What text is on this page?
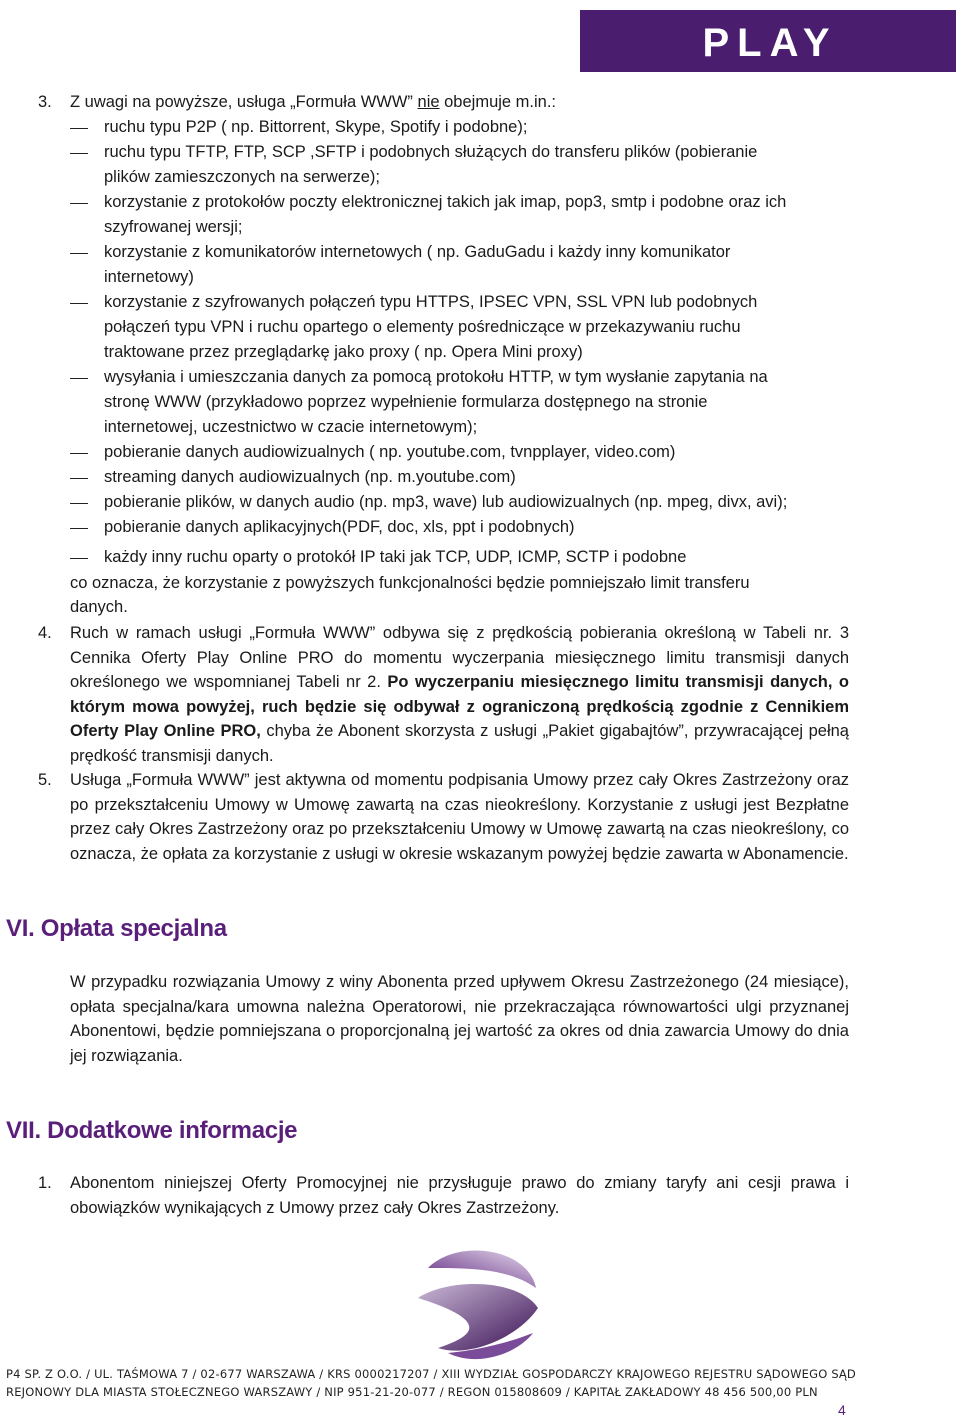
PLAY
3. Z uwagi na powyższe, usługa „Formuła WWW” nie obejmuje m.in.:
ruchu typu P2P ( np. Bittorrent, Skype, Spotify i podobne);
ruchu typu TFTP, FTP, SCP ,SFTP i podobnych służących do transferu plików (pobieranie
plików zamieszczonych na serwerze);
korzystanie z protokołów poczty elektronicznej takich jak imap, pop3, smtp i podobne oraz ich
szyfrowanej wersji;
korzystanie z komunikatorów internetowych ( np. GaduGadu i każdy inny komunikator
internetowy)
korzystanie z szyfrowanych połączeń typu HTTPS, IPSEC VPN, SSL VPN lub podobnych
połączeń typu VPN i ruchu opartego o elementy pośredniczące w przekazywaniu ruchu
traktowane przez przeglądarkę jako proxy ( np. Opera Mini proxy)
wysyłania i umieszczania danych za pomocą protokołu HTTP, w tym wysłanie zapytania na
stronę WWW (przykładowo poprzez wypełnienie formularza dostępnego na stronie
internetowej, uczestnictwo w czacie internetowym);
pobieranie danych audiowizualnych ( np. youtube.com, tvnpplayer, video.com)
streaming danych audiowizualnych (np. m.youtube.com)
pobieranie plików, w danych audio (np. mp3, wave) lub audiowizualnych (np. mpeg, divx, avi);
pobieranie danych aplikacyjnych(PDF, doc, xls, ppt i podobnych)
każdy inny ruchu oparty o protokół IP taki jak TCP, UDP, ICMP, SCTP i podobne
co oznacza, że korzystanie z powyższych funkcjonalności będzie pomniejszało limit transferu
danych.
4. Ruch w ramach usługi „Formuła WWW” odbywa się z prędkością pobierania określoną w Tabeli nr. 3 Cennika Oferty Play Online PRO do momentu wyczerpania miesięcznego limitu transmisji danych określonego we wspomnianej Tabeli nr 2. Po wyczerpaniu miesięcznego limitu transmisji danych, o którym mowa powyżej, ruch będzie się odbywał z ograniczoną prędkością zgodnie z Cennikiem Oferty Play Online PRO, chyba że Abonent skorzysta z usługi „Pakiet gigabajtów”, przywracającej pełną prędkość transmisji danych.
5. Usługa „Formuła WWW” jest aktywna od momentu podpisania Umowy przez cały Okres Zastrzeżony oraz po przekształceniu Umowy w Umowę zawartą na czas nieokreślony. Korzystanie z usługi jest Bezpłatne przez cały Okres Zastrzeżony oraz po przekształceniu Umowy w Umowę zawartą na czas nieokreślony, co oznacza, że opłata za korzystanie z usługi w okresie wskazanym powyżej będzie zawarta w Abonamencie.
VI. Opłata specjalna
W przypadku rozwiązania Umowy z winy Abonenta przed upływem Okresu Zastrzeżonego (24 miesiące), opłata specjalna/kara umowna należna Operatorowi, nie przekraczająca równowartości ulgi przyznanej Abonentowi, będzie pomniejszana o proporcjonalną jej wartość za okres od dnia zawarcia Umowy do dnia jej rozwiązania.
VII. Dodatkowe informacje
1. Abonentom niniejszej Oferty Promocyjnej nie przysługuje prawo do zmiany taryfy ani cesji prawa i obowiązków wynikających z Umowy przez cały Okres Zastrzeżony.
P4 SP. Z O.O. / UL. TAŚMOWA 7 / 02-677 WARSZAWA / KRS 0000217207 / XIII WYDZIAŁ GOSPODARCZY KRAJOWEGO REJESTRU SĄDOWEGO SĄD
REJONOWY DLA MIASTA STOŁECZNEGO WARSZAWY / NIP 951-21-20-077 / REGON 015808609 / KAPITAŁ ZAKŁADOWY 48 456 500,00 PLN
4
